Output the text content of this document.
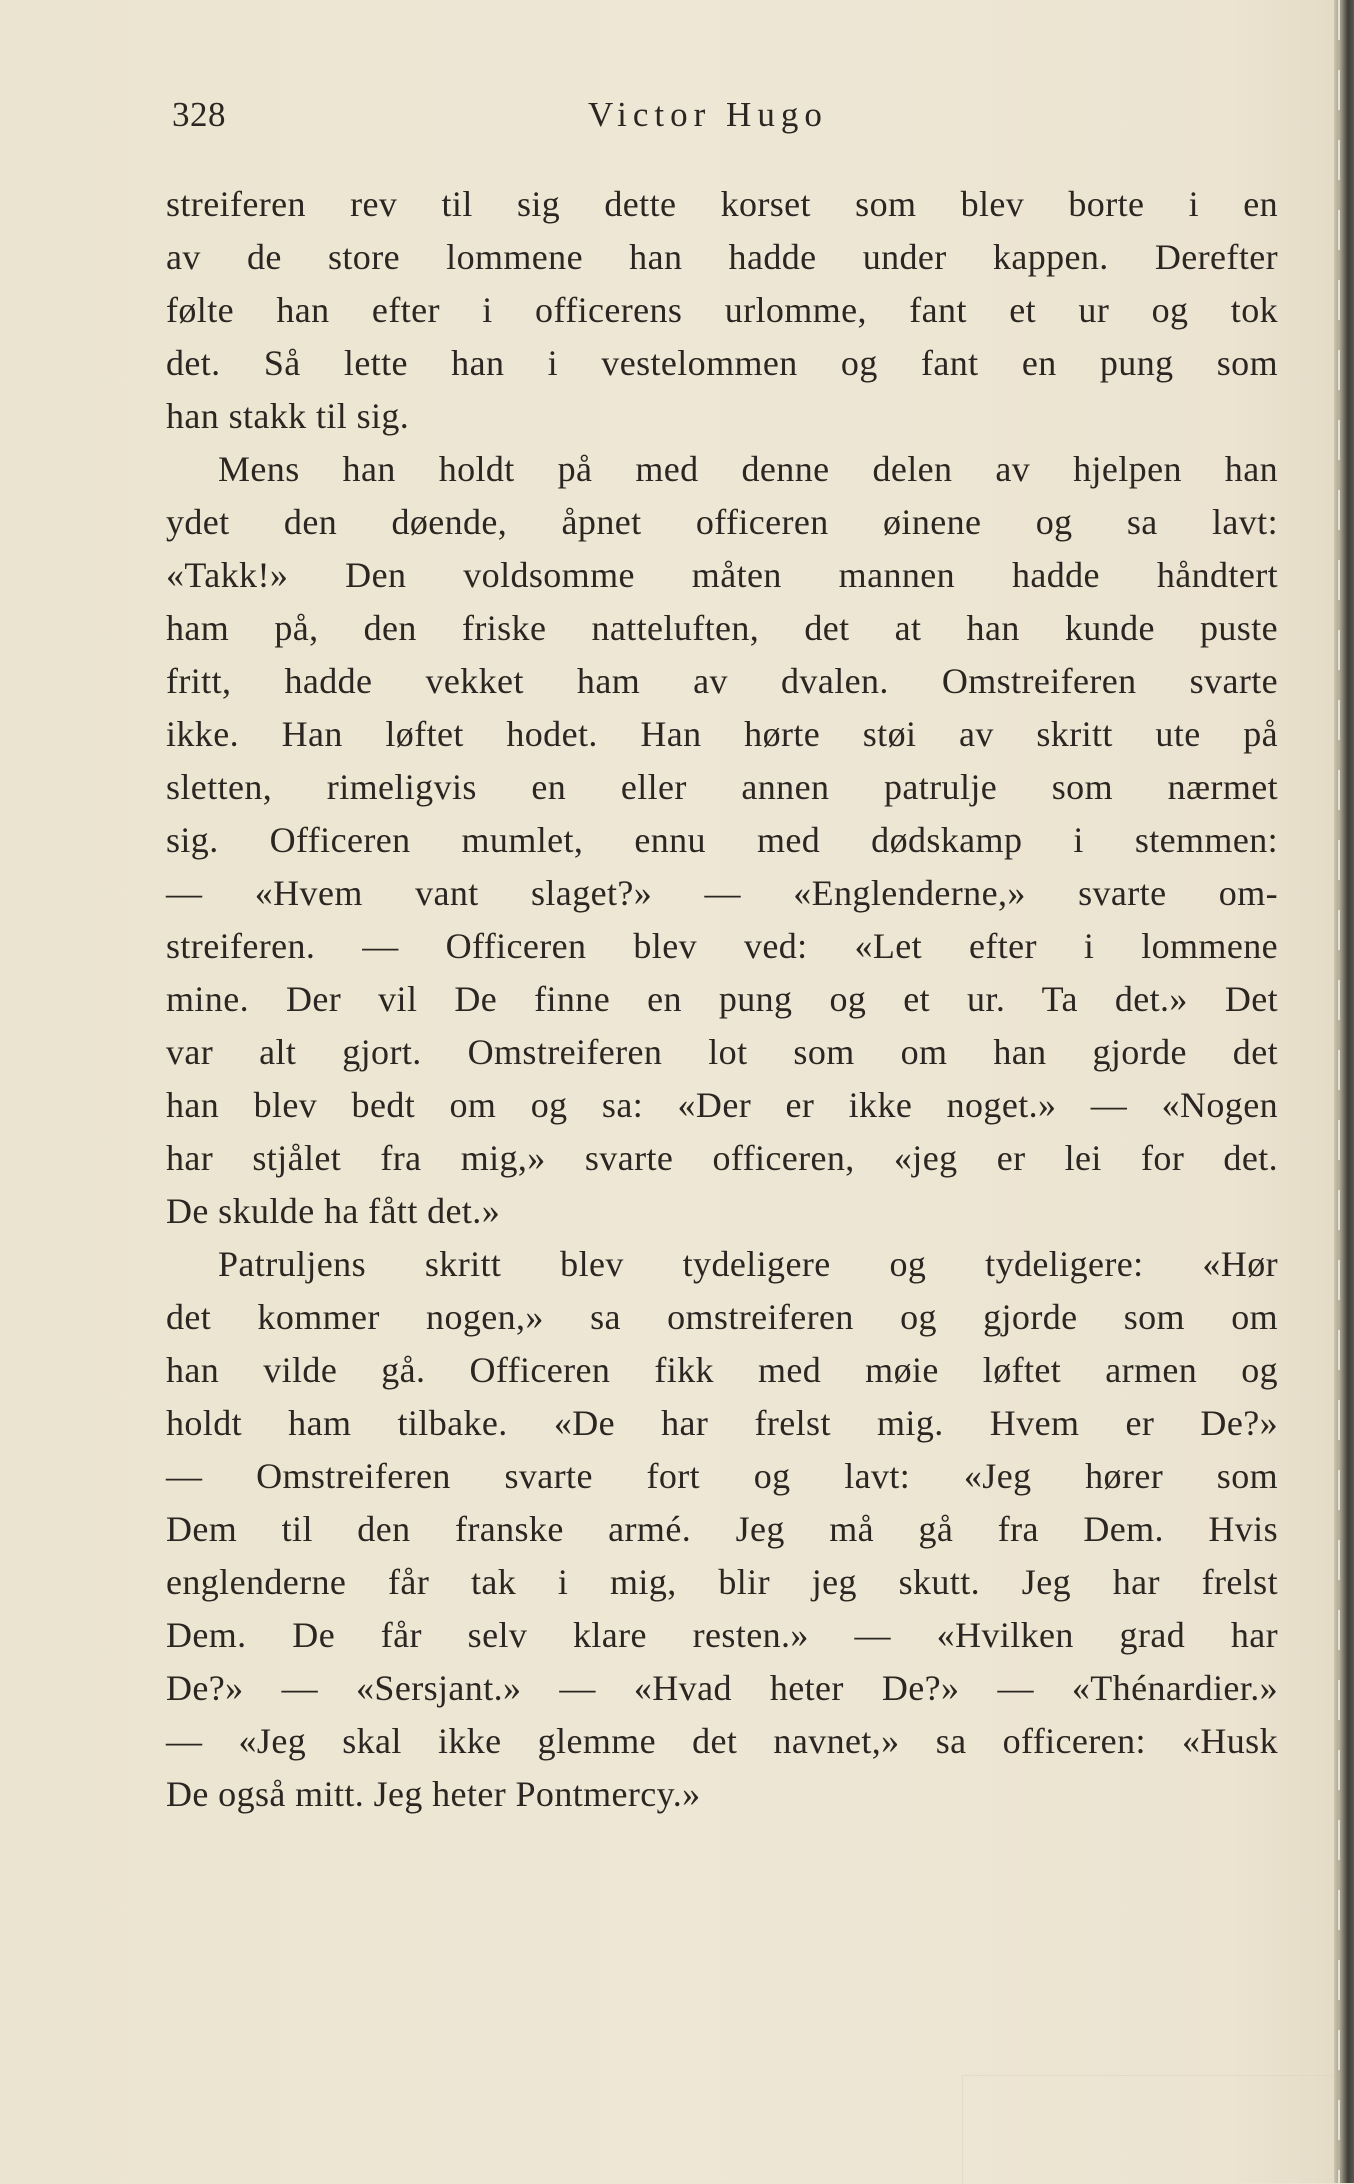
328	Victor Hugo
streiferen rev til sig dette korset som blev borte i en
av de store lommene han hadde under kappen. Derefter
følte han efter i officerens urlomme, fant et ur og tok
det. Så lette han i vestelommen og fant en pung som
han stakk til sig.
Mens han holdt på med denne delen av hjelpen han
ydet den døende, åpnet officeren øinene og sa lavt:
«Takk!» Den voldsomme måten mannen hadde håndtert
ham på, den friske natteluften, det at han kunde puste
fritt, hadde vekket ham av dvalen. Omstreiferen svarte
ikke. Han løftet hodet. Han hørte støi av skritt ute på
sletten, rimeligvis en eller annen patrulje som nærmet
sig. Officeren mumlet, ennu med dødskamp i stemmen:
— «Hvem vant slaget?» — «Englenderne,» svarte om-
streiferen. — Officeren blev ved: «Let efter i lommene
mine. Der vil De finne en pung og et ur. Ta det.» Det
var alt gjort. Omstreiferen lot som om han gjorde det
han blev bedt om og sa: «Der er ikke noget.» — «Nogen
har stjålet fra mig,» svarte officeren, «jeg er lei for det.
De skulde ha fått det.»
Patruljens skritt blev tydeligere og tydeligere: «Hør
det kommer nogen,» sa omstreiferen og gjorde som om
han vilde gå. Officeren fikk med møie løftet armen og
holdt ham tilbake. «De har frelst mig. Hvem er De?»
— Omstreiferen svarte fort og lavt: «Jeg hører som
Dem til den franske armé. Jeg må gå fra Dem. Hvis
englenderne får tak i mig, blir jeg skutt. Jeg har frelst
Dem. De får selv klare resten.» — «Hvilken grad har
De?» — «Sersjant.» — «Hvad heter De?» — «Thénardier.»
— «Jeg skal ikke glemme det navnet,» sa officeren: «Husk
De også mitt. Jeg heter Pontmercy.»
